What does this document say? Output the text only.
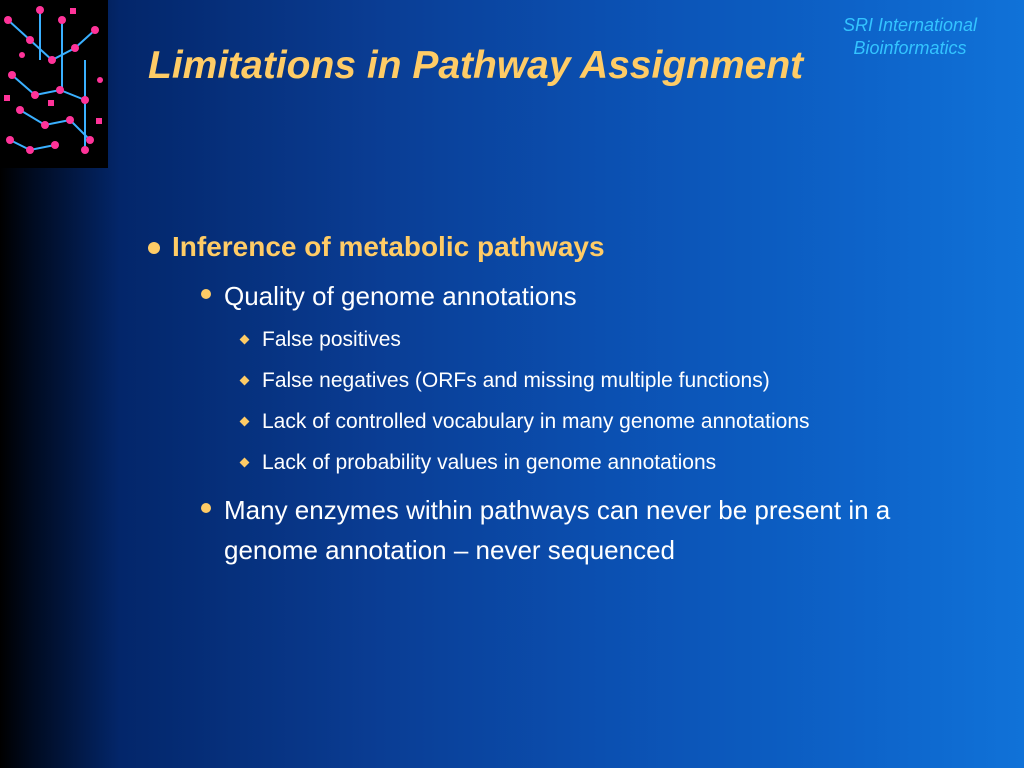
SRI International
Bioinformatics
Limitations in Pathway Assignment
Inference of metabolic pathways
Quality of genome annotations
False positives
False negatives (ORFs and missing multiple functions)
Lack of controlled vocabulary in many genome annotations
Lack of probability values in genome annotations
Many enzymes within pathways can never be present in a genome annotation – never sequenced
